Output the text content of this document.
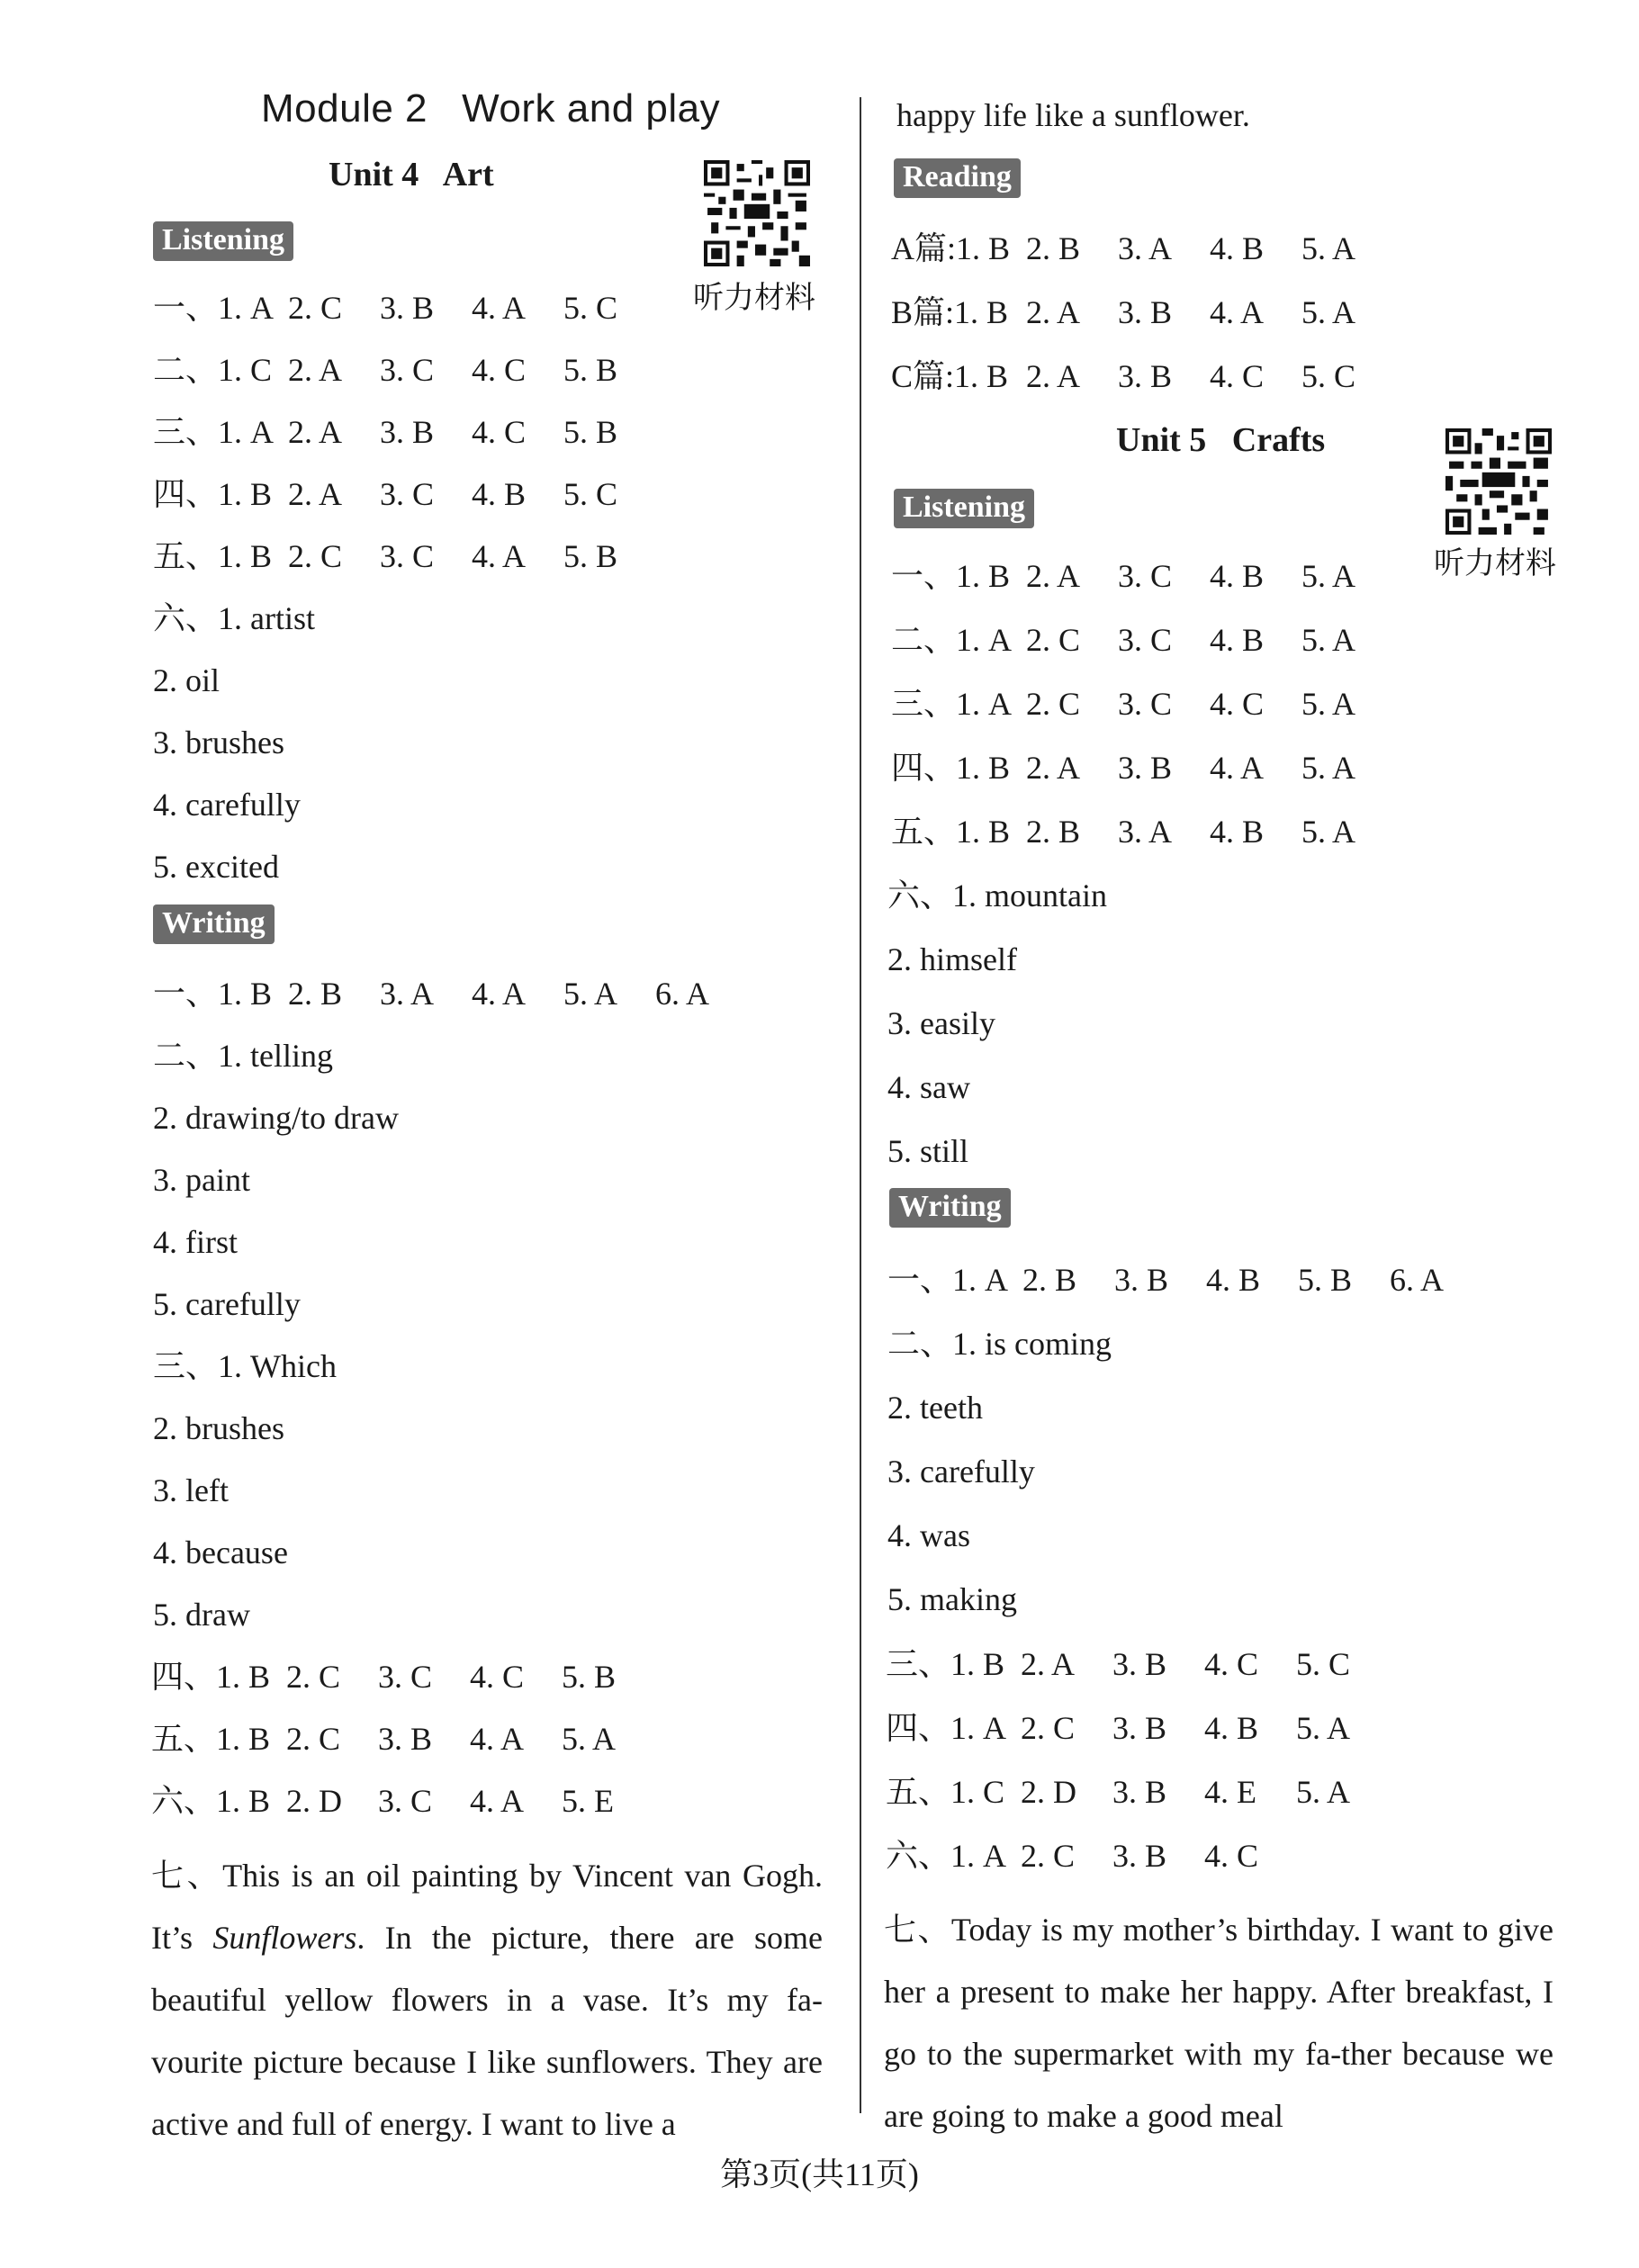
Module 2   Work and play
Unit 4   Art
听力材料
Listening
一、1. A 2. C 3. B 4. A 5. C
二、1. C 2. A 3. C 4. C 5. B
三、1. A 2. A 3. B 4. C 5. B
四、1. B 2. A 3. C 4. B 5. C
五、1. B 2. C 3. C 4. A 5. B
六、1. artist
2. oil
3. brushes
4. carefully
5. excited
Writing
一、1. B 2. B 3. A 4. A 5. A 6. A
二、1. telling
2. drawing/to draw
3. paint
4. first
5. carefully
三、1. Which
2. brushes
3. left
4. because
5. draw
四、1. B 2. C 3. C 4. C 5. B
五、1. B 2. C 3. B 4. A 5. A
六、1. B 2. D 3. C 4. A 5. E
七、This is an oil painting by Vincent van Gogh. It’s Sunflowers. In the picture, there are some beautiful yellow flowers in a vase. It’s my fa-vourite picture because I like sunflowers. They are active and full of energy. I want to live a
happy life like a sunflower.
Reading
A篇:1. B 2. B 3. A 4. B 5. A
B篇:1. B 2. A 3. B 4. A 5. A
C篇:1. B 2. A 3. B 4. C 5. C
Unit 5   Crafts
听力材料
Listening
一、1. B 2. A 3. C 4. B 5. A
二、1. A 2. C 3. C 4. B 5. A
三、1. A 2. C 3. C 4. C 5. A
四、1. B 2. A 3. B 4. A 5. A
五、1. B 2. B 3. A 4. B 5. A
六、1. mountain
2. himself
3. easily
4. saw
5. still
Writing
一、1. A 2. B 3. B 4. B 5. B 6. A
二、1. is coming
2. teeth
3. carefully
4. was
5. making
三、1. B 2. A 3. B 4. C 5. C
四、1. A 2. C 3. B 4. B 5. A
五、1. C 2. D 3. B 4. E 5. A
六、1. A 2. C 3. B 4. C
七、Today is my mother’s birthday. I want to give her a present to make her happy. After breakfast, I go to the supermarket with my fa-ther because we are going to make a good meal
第3页(共11页)
